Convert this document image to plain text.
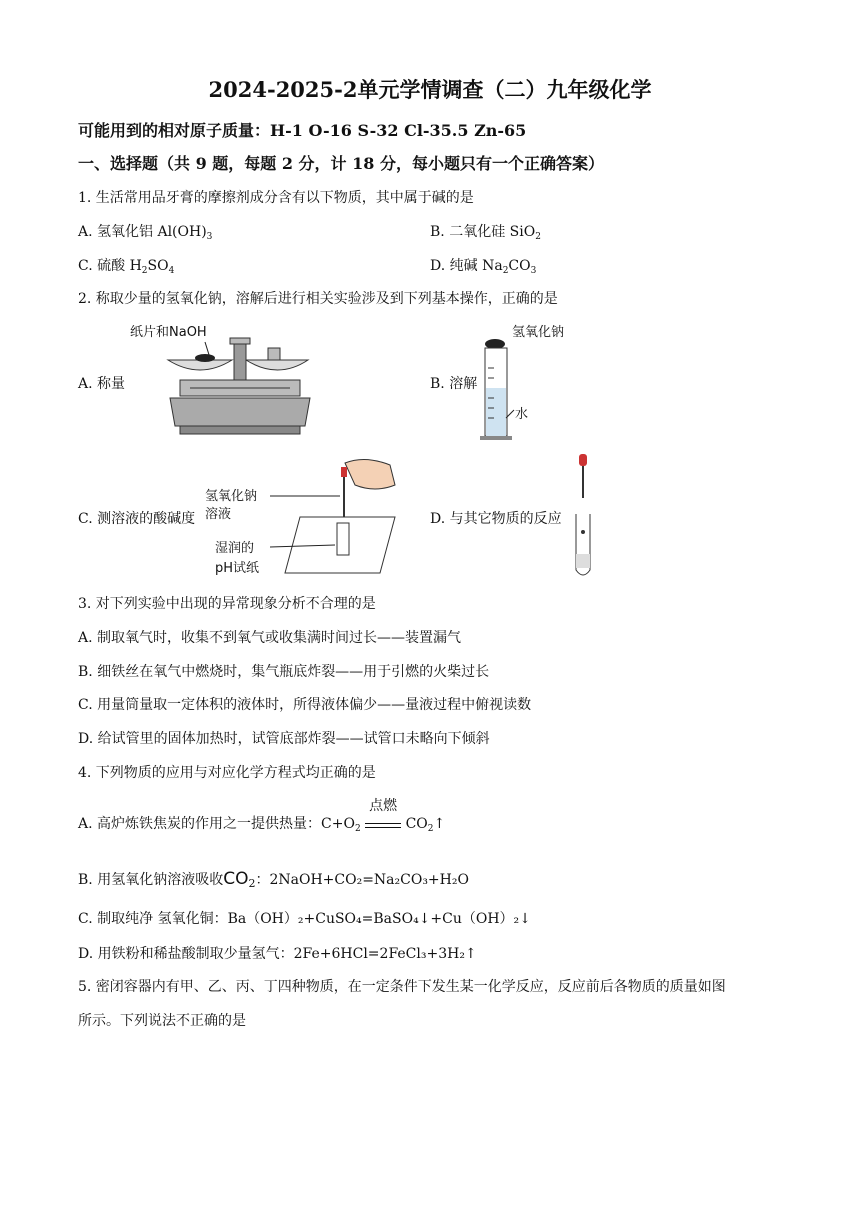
2024-2025-2单元学情调查（二）九年级化学
可能用到的相对原子质量：H-1 O-16 S-32 Cl-35.5 Zn-65
一、选择题（共 9 题，每题 2 分，计 18 分，每小题只有一个正确答案）
1. 生活常用品牙膏的摩擦剂成分含有以下物质，其中属于碱的是
A. 氢氧化铝 $Al(OH)_3$	B. 二氧化硅 SiO$_2$
C. 硫酸 $H_2SO_4$	D. 纯碱 $Na_2CO_3$
2. 称取少量的氢氧化钠，溶解后进行相关实验涉及到下列基本操作，正确的是
A. 称量
纸片和NaOH
B. 溶解
氢氧化钠
水
C. 测溶液的酸碱度
氢氧化钠
溶液
湿润的
pH试纸
D. 与其它物质的反应
3. 对下列实验中出现的异常现象分析不合理的是
A. 制取氧气时，收集不到氧气或收集满时间过长——装置漏气
B. 细铁丝在氧气中燃烧时，集气瓶底炸裂——用于引燃的火柴过长
C. 用量筒量取一定体积的液体时，所得液体偏少——量液过程中俯视读数
D. 给试管里的固体加热时，试管底部炸裂——试管口未略向下倾斜
4. 下列物质的应用与对应化学方程式均正确的是
A. 高炉炼铁焦炭的作用之一提供热量：$C+O_2$
点燃
$CO_2↑$
B. 用氢氧化钠溶液吸收$CO_2$：2NaOH+CO₂=Na₂CO₃+H₂O
C. 制取纯净 氢氧化铜：Ba（OH）₂+CuSO₄=BaSO₄↓+Cu（OH）₂↓
D. 用铁粉和稀盐酸制取少量氢气：2Fe+6HCl=2FeCl₃+3H₂↑
5. 密闭容器内有甲、乙、丙、丁四种物质，在一定条件下发生某一化学反应，反应前后各物质的质量如图
所示。下列说法不正确的是
